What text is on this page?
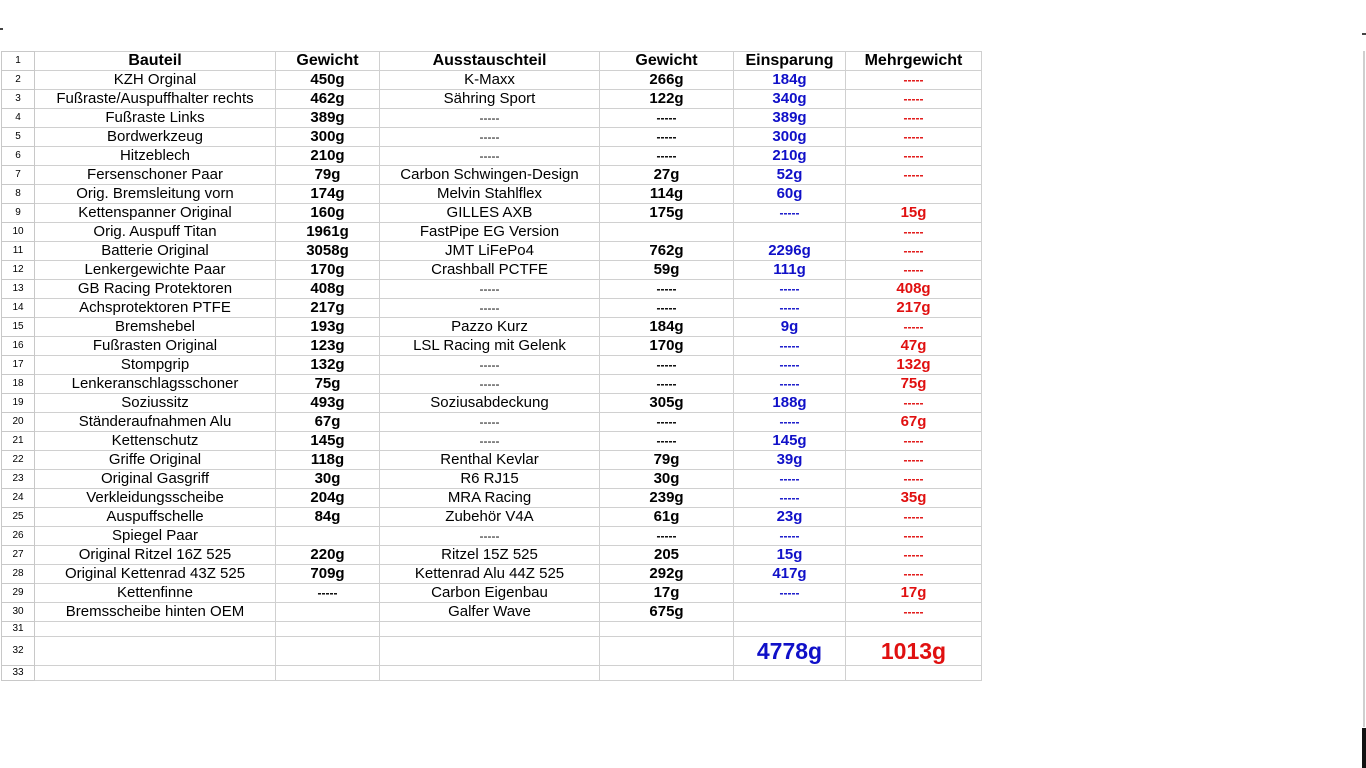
1	Bauteil	Gewicht	Ausstauschteil	Gewicht	Einsparung	Mehrgewicht
2	KZH Orginal	450g	K-Maxx	266g	184g	-----
3	Fußraste/Auspuffhalter rechts	462g	Sähring Sport	122g	340g	-----
4	Fußraste Links	389g	-----	-----	389g	-----
5	Bordwerkzeug	300g	-----	-----	300g	-----
6	Hitzeblech	210g	-----	-----	210g	-----
7	Fersenschoner Paar	79g	Carbon Schwingen-Design	27g	52g	-----
8	Orig. Bremsleitung vorn	174g	Melvin Stahlflex	114g	60g	
9	Kettenspanner Original	160g	GILLES AXB	175g	-----	15g
10	Orig. Auspuff Titan	1961g	FastPipe EG Version			-----
11	Batterie Original	3058g	JMT LiFePo4	762g	2296g	-----
12	Lenkergewichte Paar	170g	Crashball PCTFE	59g	111g	-----
13	GB Racing Protektoren	408g	-----	-----	-----	408g
14	Achsprotektoren PTFE	217g	-----	-----	-----	217g
15	Bremshebel	193g	Pazzo Kurz	184g	9g	-----
16	Fußrasten Original	123g	LSL Racing mit Gelenk	170g	-----	47g
17	Stompgrip	132g	-----	-----	-----	132g
18	Lenkeranschlagsschoner	75g	-----	-----	-----	75g
19	Soziussitz	493g	Soziusabdeckung	305g	188g	-----
20	Ständeraufnahmen Alu	67g	-----	-----	-----	67g
21	Kettenschutz	145g	-----	-----	145g	-----
22	Griffe Original	118g	Renthal Kevlar	79g	39g	-----
23	Original Gasgriff	30g	R6 RJ15	30g	-----	-----
24	Verkleidungsscheibe	204g	MRA Racing	239g	-----	35g
25	Auspuffschelle	84g	Zubehör V4A	61g	23g	-----
26	Spiegel Paar		-----	-----	-----	-----
27	Original Ritzel 16Z 525	220g	Ritzel 15Z 525	205	15g	-----
28	Original Kettenrad 43Z 525	709g	Kettenrad Alu 44Z 525	292g	417g	-----
29	Kettenfinne	-----	Carbon Eigenbau	17g	-----	17g
30	Bremsscheibe hinten OEM		Galfer Wave	675g		-----
31						
32					4778g	1013g
33						
